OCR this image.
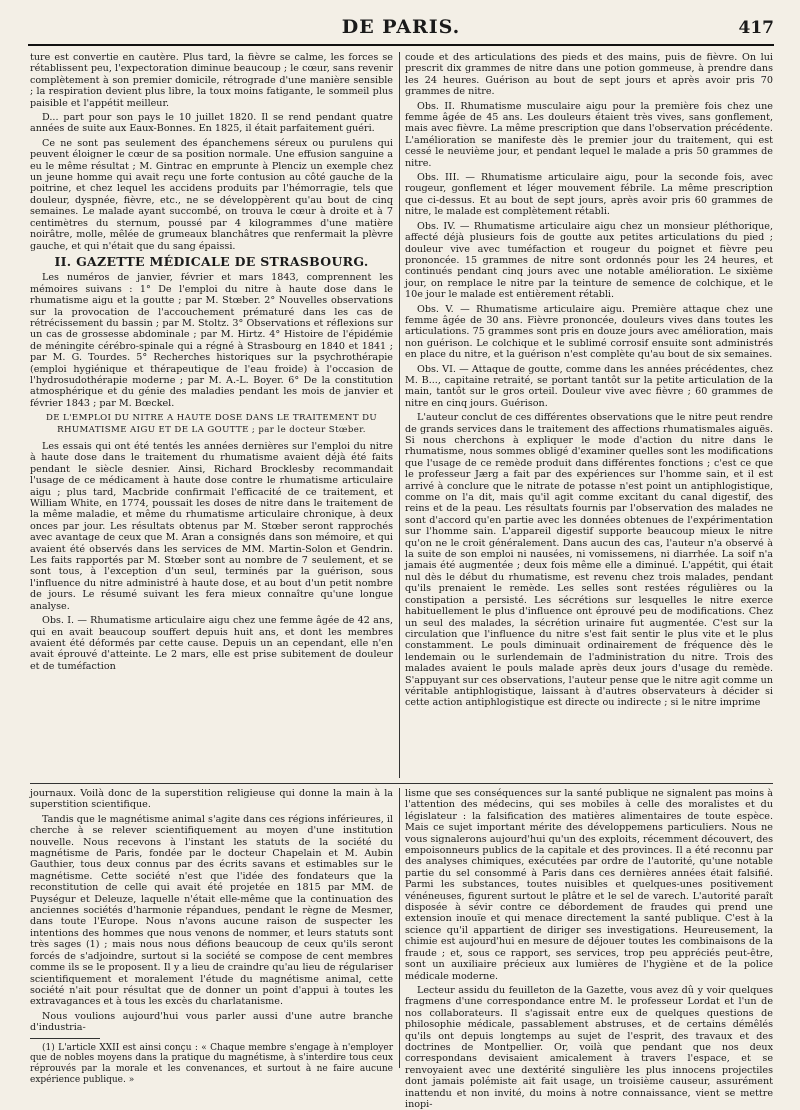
DE PARIS.	417

ture est convertie en cautère. Plus tard, la fièvre se calme, les forces se rétablissent peu, l'expectoration diminue beaucoup ; le cœur, sans revenir complètement à son premier domicile, rétrograde d'une manière sensible ; la respiration devient plus libre, la toux moins fatigante, le sommeil plus paisible et l'appétit meilleur.

D... part pour son pays le 10 juillet 1820. Il se rend pendant quatre années de suite aux Eaux-Bonnes. En 1825, il était parfaitement guéri.

Ce ne sont pas seulement des épanchemens séreux ou purulens qui peuvent éloigner le cœur de sa position normale. Une effusion sanguine a eu le même résultat ; M. Gintrac en emprunte à Plenciz un exemple chez un jeune homme qui avait reçu une forte contusion au côté gauche de la poitrine, et chez lequel les accidens produits par l'hémorragie, tels que douleur, dyspnée, fièvre, etc., ne se développèrent qu'au bout de cinq semaines. Le malade ayant succombé, on trouva le cœur à droite et à 7 centimètres du sternum, poussé par 4 kilogrammes d'une matière noirâtre, molle, mêlée de grumeaux blanchâtres que renfermait la plèvre gauche, et qui n'était que du sang épaissi.

II. GAZETTE MÉDICALE DE STRASBOURG.

Les numéros de janvier, février et mars 1843, comprennent les mémoires suivans : 1° De l'emploi du nitre à haute dose dans le rhumatisme aigu et la goutte ; par M. Stœber. 2° Nouvelles observations sur la provocation de l'accouchement prématuré dans les cas de rétrécissement du bassin ; par M. Stoltz. 3° Observations et réflexions sur un cas de grossesse abdominale ; par M. Hirtz. 4° Histoire de l'épidémie de méningite cérébro-spinale qui a régné à Strasbourg en 1840 et 1841 ; par M. G. Tourdes. 5° Recherches historiques sur la psychrothérapie (emploi hygiénique et thérapeutique de l'eau froide) à l'occasion de l'hydrosudothérapie moderne ; par M. A.-L. Boyer. 6° De la constitution atmosphérique et du génie des maladies pendant les mois de janvier et février 1843 ; par M. Bœckel.

DE L'EMPLOI DU NITRE A HAUTE DOSE DANS LE TRAITEMENT DU RHUMATISME AIGU ET DE LA GOUTTE ; par le docteur Stœber.

Les essais qui ont été tentés les années dernières sur l'emploi du nitre à haute dose dans le traitement du rhumatisme avaient déjà été faits pendant le siècle desnier. Ainsi, Richard Brocklesby recommandait l'usage de ce médicament à haute dose contre le rhumatisme articulaire aigu ; plus tard, Macbride confirmait l'efficacité de ce traitement, et William White, en 1774, poussait les doses de nitre dans le traitement de la même maladie, et même du rhumatisme articulaire chronique, à deux onces par jour. Les résultats obtenus par M. Stœber seront rapprochés avec avantage de ceux que M. Aran a consignés dans son mémoire, et qui avaient été observés dans les services de MM. Martin-Solon et Gendrin. Les faits rapportés par M. Stœber sont au nombre de 7 seulement, et se sont tous, à l'exception d'un seul, terminés par la guérison, sous l'influence du nitre administré à haute dose, et au bout d'un petit nombre de jours. Le résumé suivant les fera mieux connaître qu'une longue analyse.

Obs. I. — Rhumatisme articulaire aigu chez une femme âgée de 42 ans, qui en avait beaucoup souffert depuis huit ans, et dont les membres avaient été déformés par cette cause. Depuis un an cependant, elle n'en avait éprouvé d'atteinte. Le 2 mars, elle est prise subitement de douleur et de tuméfaction

coude et des articulations des pieds et des mains, puis de fièvre. On lui prescrit dix grammes de nitre dans une potion gommeuse, à prendre dans les 24 heures. Guérison au bout de sept jours et après avoir pris 70 grammes de nitre.

Obs. II. Rhumatisme musculaire aigu pour la première fois chez une femme âgée de 45 ans. Les douleurs étaient très vives, sans gonflement, mais avec fièvre. La même prescription que dans l'observation précédente. L'amélioration se manifeste dès le premier jour du traitement, qui est cessé le neuvième jour, et pendant lequel le malade a pris 50 grammes de nitre.

Obs. III. — Rhumatisme articulaire aigu, pour la seconde fois, avec rougeur, gonflement et léger mouvement fébrile. La même prescription que ci-dessus. Et au bout de sept jours, après avoir pris 60 grammes de nitre, le malade est complètement rétabli.

Obs. IV. — Rhumatisme articulaire aigu chez un monsieur pléthorique, affecté déjà plusieurs fois de goutte aux petites articulations du pied ; douleur vive avec tuméfaction et rougeur du poignet et fièvre peu prononcée. 15 grammes de nitre sont ordonnés pour les 24 heures, et continués pendant cinq jours avec une notable amélioration. Le sixième jour, on remplace le nitre par la teinture de semence de colchique, et le 10e jour le malade est entièrement rétabli.

Obs. V. — Rhumatisme articulaire aigu. Première attaque chez une femme âgée de 30 ans. Fièvre prononcée, douleurs vives dans toutes les articulations. 75 grammes sont pris en douze jours avec amélioration, mais non guérison. Le colchique et le sublimé corrosif ensuite sont administrés en place du nitre, et la guérison n'est complète qu'au bout de six semaines.

Obs. VI. — Attaque de goutte, comme dans les années précédentes, chez M. B..., capitaine retraité, se portant tantôt sur la petite articulation de la main, tantôt sur le gros orteil. Douleur vive avec fièvre ; 60 grammes de nitre en cinq jours. Guérison.

L'auteur conclut de ces différentes observations que le nitre peut rendre de grands services dans le traitement des affections rhumatismales aiguës. Si nous cherchons à expliquer le mode d'action du nitre dans le rhumatisme, nous sommes obligé d'examiner quelles sont les modifications que l'usage de ce remède produit dans différentes fonctions ; c'est ce que le professeur Jærg a fait par des expériences sur l'homme sain, et il est arrivé à conclure que le nitrate de potasse n'est point un antiphlogistique, comme on l'a dit, mais qu'il agit comme excitant du canal digestif, des reins et de la peau. Les résultats fournis par l'observation des malades ne sont d'accord qu'en partie avec les données obtenues de l'expérimentation sur l'homme sain. L'appareil digestif supporte beaucoup mieux le nitre qu'on ne le croit généralement. Dans aucun des cas, l'auteur n'a observé à la suite de son emploi ni nausées, ni vomissemens, ni diarrhée. La soif n'a jamais été augmentée ; deux fois même elle a diminué. L'appétit, qui était nul dès le début du rhumatisme, est revenu chez trois malades, pendant qu'ils prenaient le remède. Les selles sont restées régulières ou la constipation a persisté. Les sécrétions sur lesquelles le nitre exerce habituellement le plus d'influence ont éprouvé peu de modifications. Chez un seul des malades, la sécrétion urinaire fut augmentée. C'est sur la circulation que l'influence du nitre s'est fait sentir le plus vite et le plus constamment. Le pouls diminuait ordinairement de fréquence dès le lendemain ou le surlendemain de l'administration du nitre. Trois des malades avaient le pouls malade après deux jours d'usage du remède. S'appuyant sur ces observations, l'auteur pense que le nitre agit comme un véritable antiphlogistique, laissant à d'autres observateurs à décider si cette action antiphlogistique est directe ou indirecte ; si le nitre imprime

journaux. Voilà donc de la superstition religieuse qui donne la main à la superstition scientifique.

Tandis que le magnétisme animal s'agite dans ces régions inférieures, il cherche à se relever scientifiquement au moyen d'une institution nouvelle. Nous recevons à l'instant les statuts de la société du magnétisme de Paris, fondée par le docteur Chapelain et M. Aubin Gauthier, tous deux connus par des écrits savans et estimables sur le magnétisme. Cette société n'est que l'idée des fondateurs que la reconstitution de celle qui avait été projetée en 1815 par MM. de Puységur et Deleuze, laquelle n'était elle-même que la continuation des anciennes sociétés d'harmonie répandues, pendant le règne de Mesmer, dans toute l'Europe. Nous n'avons aucune raison de suspecter les intentions des hommes que nous venons de nommer, et leurs statuts sont très sages (1) ; mais nous nous défions beaucoup de ceux qu'ils seront forcés de s'adjoindre, surtout si la société se compose de cent membres comme ils se le proposent. Il y a lieu de craindre qu'au lieu de régulariser scientifiquement et moralement l'étude du magnétisme animal, cette société n'ait pour résultat que de donner un point d'appui à toutes les extravagances et à tous les excès du charlatanisme.

Nous voulions aujourd'hui vous parler aussi d'une autre branche d'industria-

(1) L'article XXII est ainsi conçu : « Chaque membre s'engage à n'employer que de nobles moyens dans la pratique du magnétisme, à s'interdire tous ceux réprouvés par la morale et les convenances, et surtout à ne faire aucune expérience publique. »

lisme que ses conséquences sur la santé publique ne signalent pas moins à l'attention des médecins, qui ses mobiles à celle des moralistes et du législateur : la falsification des matières alimentaires de toute espèce. Mais ce sujet important mérite des développemens particuliers. Nous ne vous signalerons aujourd'hui qu'un des exploits, récemment découvert, des empoisonneurs publics de la capitale et des provinces. Il a été reconnu par des analyses chimiques, exécutées par ordre de l'autorité, qu'une notable partie du sel consommé à Paris dans ces dernières années était falsifié. Parmi les substances, toutes nuisibles et quelques-unes positivement vénéneuses, figurent surtout le plâtre et le sel de varech. L'autorité paraît disposée à sévir contre ce débordement de fraudes qui prend une extension inouïe et qui menace directement la santé publique. C'est à la science qu'il appartient de diriger ses investigations. Heureusement, la chimie est aujourd'hui en mesure de déjouer toutes les combinaisons de la fraude ; et, sous ce rapport, ses services, trop peu appréciés peut-être, sont un auxiliaire précieux aux lumières de l'hygiène et de la police médicale moderne.

Lecteur assidu du feuilleton de la Gazette, vous avez dû y voir quelques fragmens d'une correspondance entre M. le professeur Lordat et l'un de nos collaborateurs. Il s'agissait entre eux de quelques questions de philosophie médicale, passablement abstruses, et de certains démêlés qu'ils ont depuis longtemps au sujet de l'esprit, des travaux et des doctrines de Montpellier. Or, voilà que pendant que nos deux correspondans devisaient amicalement à travers l'espace, et se renvoyaient avec une dextérité singulière les plus innocens projectiles dont jamais polémiste ait fait usage, un troisième causeur, assurément inattendu et non invité, du moins à notre connaissance, vient se mettre inopi-
